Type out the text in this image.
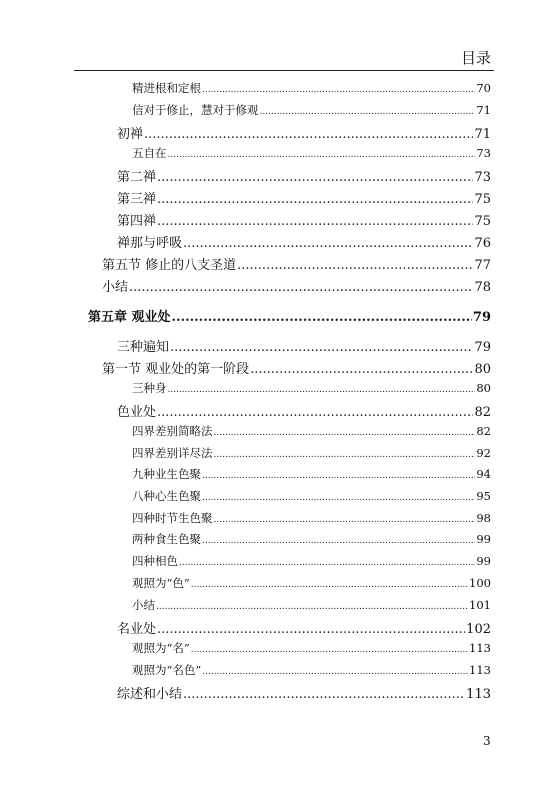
目录
精进根和定根 .....	70
信对于修止，慧对于修观 .....	71
初禅 .....	71
五自在 .....	73
第二禅 .....	73
第三禅 .....	75
第四禅 .....	75
禅那与呼吸 .....	76
第五节 修止的八支圣道 .....	77
小结 .....	78
第五章 观业处 .....	79
三种遍知 .....	79
第一节 观业处的第一阶段 .....	80
三种身 .....	80
色业处 .....	82
四界差别简略法 .....	82
四界差别详尽法 .....	92
九种业生色聚 .....	94
八种心生色聚 .....	95
四种时节生色聚 .....	98
两种食生色聚 .....	99
四种相色 .....	99
观照为“色” .....	100
小结 .....	101
名业处 .....	102
观照为“名” .....	113
观照为“名色” .....	113
综述和小结 .....	113
3
